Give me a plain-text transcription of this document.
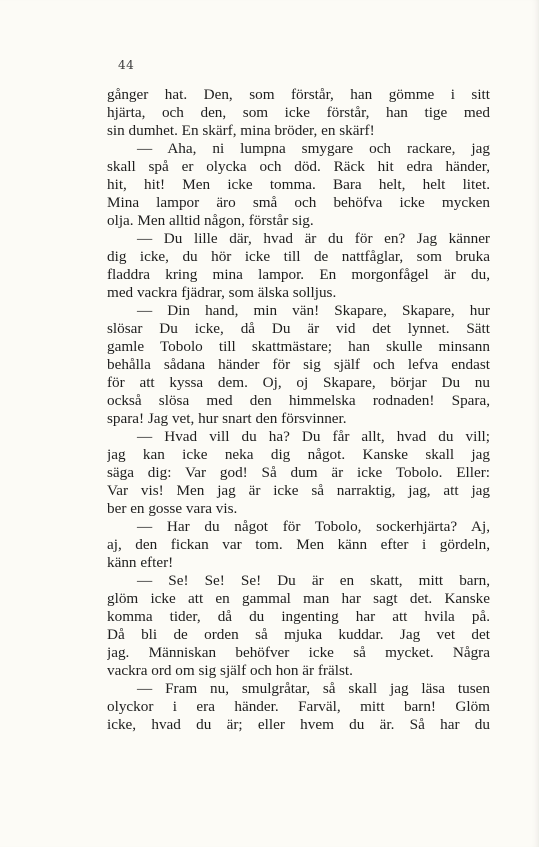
44
gånger hat. Den, som förstår, han gömme i sitt
hjärta, och den, som icke förstår, han tige med
sin dumhet. En skärf, mina bröder, en skärf!
— Aha, ni lumpna smygare och rackare, jag
skall spå er olycka och död. Räck hit edra händer,
hit, hit! Men icke tomma. Bara helt, helt litet.
Mina lampor äro små och behöfva icke mycken
olja. Men alltid någon, förstår sig.
— Du lille där, hvad är du för en? Jag känner
dig icke, du hör icke till de nattfåglar, som bruka
fladdra kring mina lampor. En morgonfågel är du,
med vackra fjädrar, som älska solljus.
— Din hand, min vän! Skapare, Skapare, hur
slösar Du icke, då Du är vid det lynnet. Sätt
gamle Tobolo till skattmästare; han skulle minsann
behålla sådana händer för sig själf och lefva endast
för att kyssa dem. Oj, oj Skapare, börjar Du nu
också slösa med den himmelska rodnaden! Spara,
spara! Jag vet, hur snart den försvinner.
— Hvad vill du ha? Du får allt, hvad du vill;
jag kan icke neka dig något. Kanske skall jag
säga dig: Var god! Så dum är icke Tobolo. Eller:
Var vis! Men jag är icke så narraktig, jag, att jag
ber en gosse vara vis.
— Har du något för Tobolo, sockerhjärta? Aj,
aj, den fickan var tom. Men känn efter i gördeln,
känn efter!
— Se! Se! Se! Du är en skatt, mitt barn,
glöm icke att en gammal man har sagt det. Kanske
komma tider, då du ingenting har att hvila på.
Då bli de orden så mjuka kuddar. Jag vet det
jag. Människan behöfver icke så mycket. Några
vackra ord om sig själf och hon är frälst.
— Fram nu, smulgråtar, så skall jag läsa tusen
olyckor i era händer. Farväl, mitt barn! Glöm
icke, hvad du är; eller hvem du är. Så har du
